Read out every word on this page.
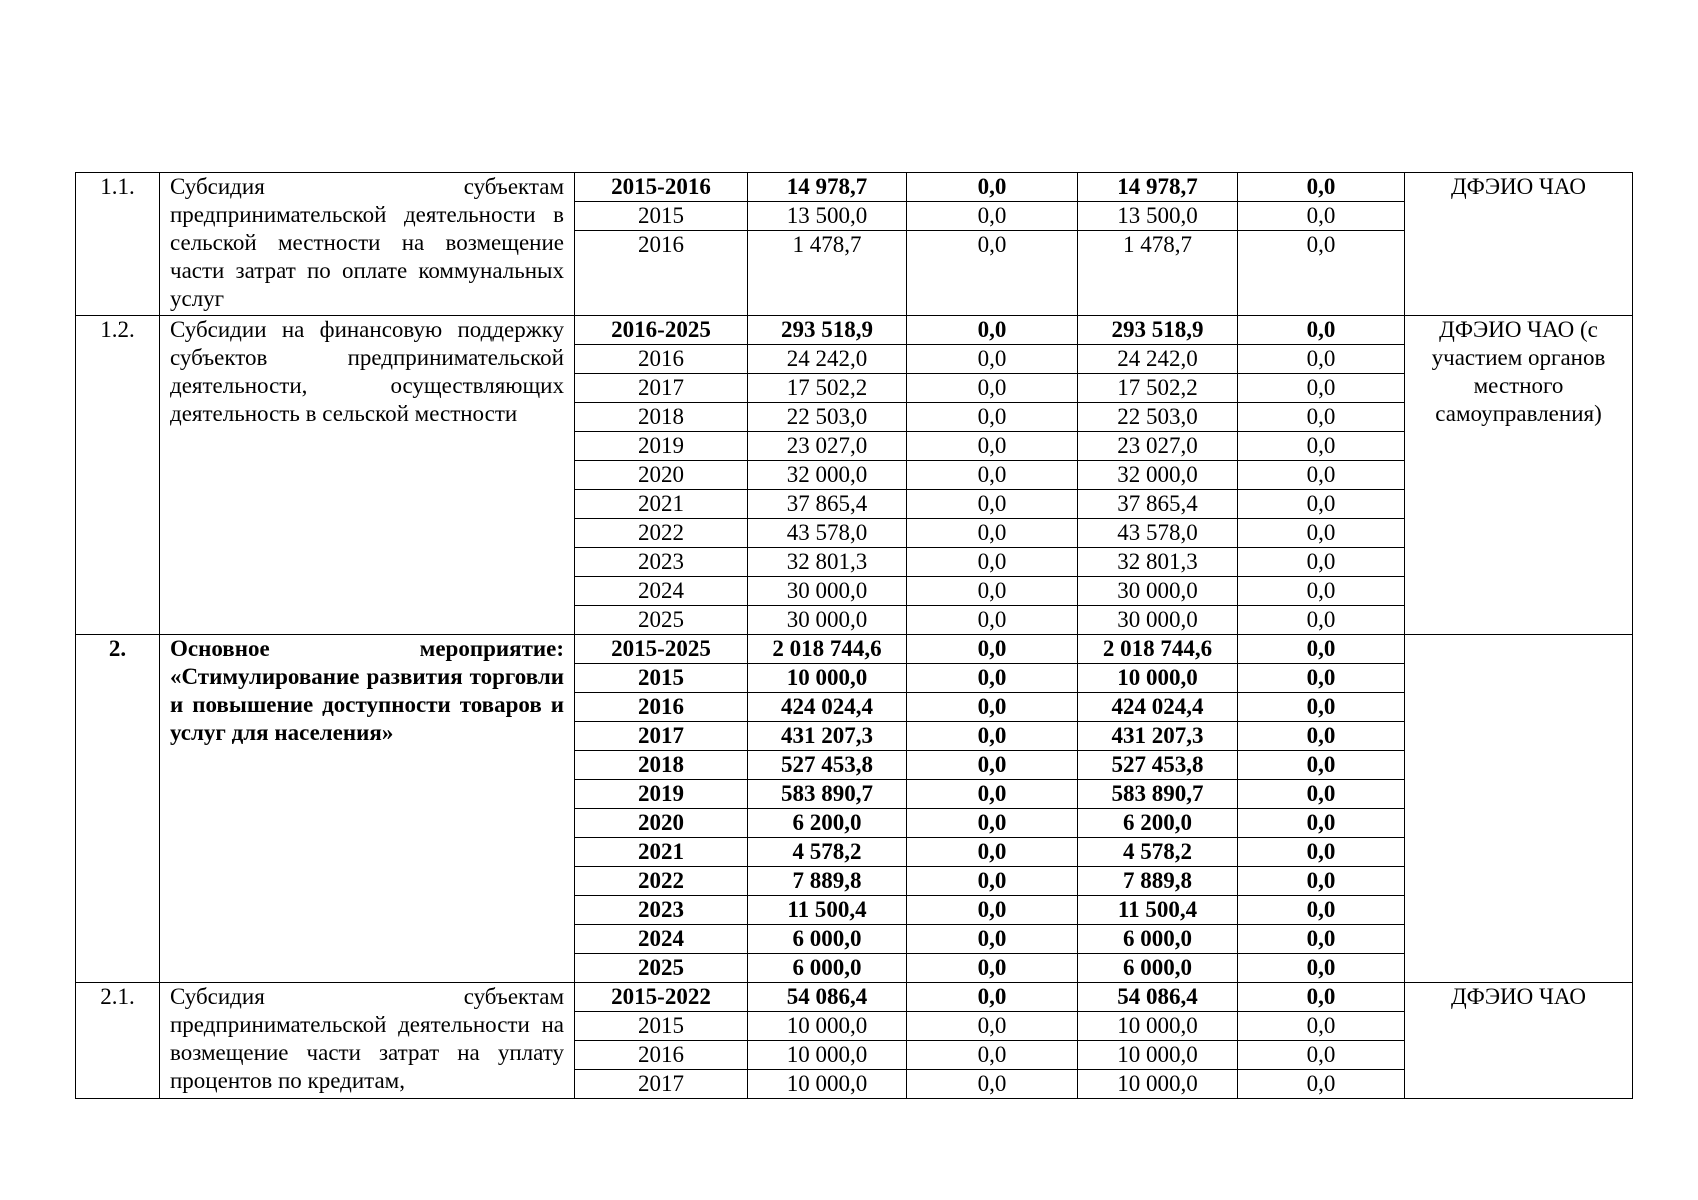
1.1.	Субсидия субъектам предпринимательской деятельности в сельской местности на возмещение части затрат по оплате коммунальных услуг	2015-2016	14 978,7	0,0	14 978,7	0,0	ДФЭИО ЧАО
		2015	13 500,0	0,0	13 500,0	0,0	
		2016	1 478,7	0,0	1 478,7	0,0	
1.2.	Субсидии на финансовую поддержку субъектов предпринимательской деятельности, осуществляющих деятельность в сельской местности	2016-2025	293 518,9	0,0	293 518,9	0,0	ДФЭИО ЧАО (с участием органов местного самоуправления)
		2016	24 242,0	0,0	24 242,0	0,0	
		2017	17 502,2	0,0	17 502,2	0,0	
		2018	22 503,0	0,0	22 503,0	0,0	
		2019	23 027,0	0,0	23 027,0	0,0	
		2020	32 000,0	0,0	32 000,0	0,0	
		2021	37 865,4	0,0	37 865,4	0,0	
		2022	43 578,0	0,0	43 578,0	0,0	
		2023	32 801,3	0,0	32 801,3	0,0	
		2024	30 000,0	0,0	30 000,0	0,0	
		2025	30 000,0	0,0	30 000,0	0,0	
2.	Основное мероприятие: «Стимулирование развития торговли и повышение доступности товаров и услуг для населения»	2015-2025	2 018 744,6	0,0	2 018 744,6	0,0	
		2015	10 000,0	0,0	10 000,0	0,0	
		2016	424 024,4	0,0	424 024,4	0,0	
		2017	431 207,3	0,0	431 207,3	0,0	
		2018	527 453,8	0,0	527 453,8	0,0	
		2019	583 890,7	0,0	583 890,7	0,0	
		2020	6 200,0	0,0	6 200,0	0,0	
		2021	4 578,2	0,0	4 578,2	0,0	
		2022	7 889,8	0,0	7 889,8	0,0	
		2023	11 500,4	0,0	11 500,4	0,0	
		2024	6 000,0	0,0	6 000,0	0,0	
		2025	6 000,0	0,0	6 000,0	0,0	
2.1.	Субсидия субъектам предпринимательской деятельности на возмещение части затрат на уплату процентов по кредитам,	2015-2022	54 086,4	0,0	54 086,4	0,0	ДФЭИО ЧАО
		2015	10 000,0	0,0	10 000,0	0,0	
		2016	10 000,0	0,0	10 000,0	0,0	
		2017	10 000,0	0,0	10 000,0	0,0	
